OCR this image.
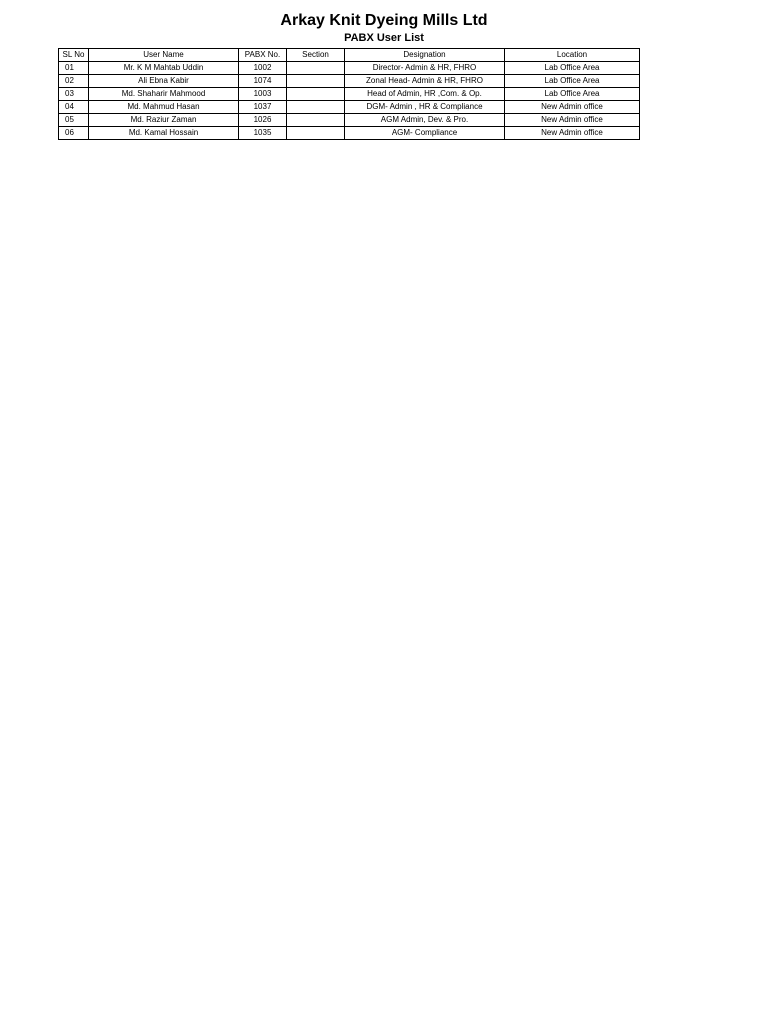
Arkay Knit Dyeing Mills Ltd
PABX User List
SL No	User Name	PABX No.	Section	Designation	Location
01	Mr. K M Mahtab Uddin	1002		Director- Admin & HR, FHRO	Lab Office Area
02	Ali Ebna Kabir	1074		Zonal Head- Admin & HR, FHRO	Lab Office Area
03	Md. Shaharir Mahmood	1003		Head of Admin, HR ,Com. & Op.	Lab Office Area
04	Md. Mahmud Hasan	1037		DGM- Admin , HR & Compliance	New Admin office
05	Md. Raziur Zaman	1026		AGM Admin, Dev. & Pro.	New Admin office
06	Md. Kamal Hossain	1035		AGM- Compliance	New Admin office
